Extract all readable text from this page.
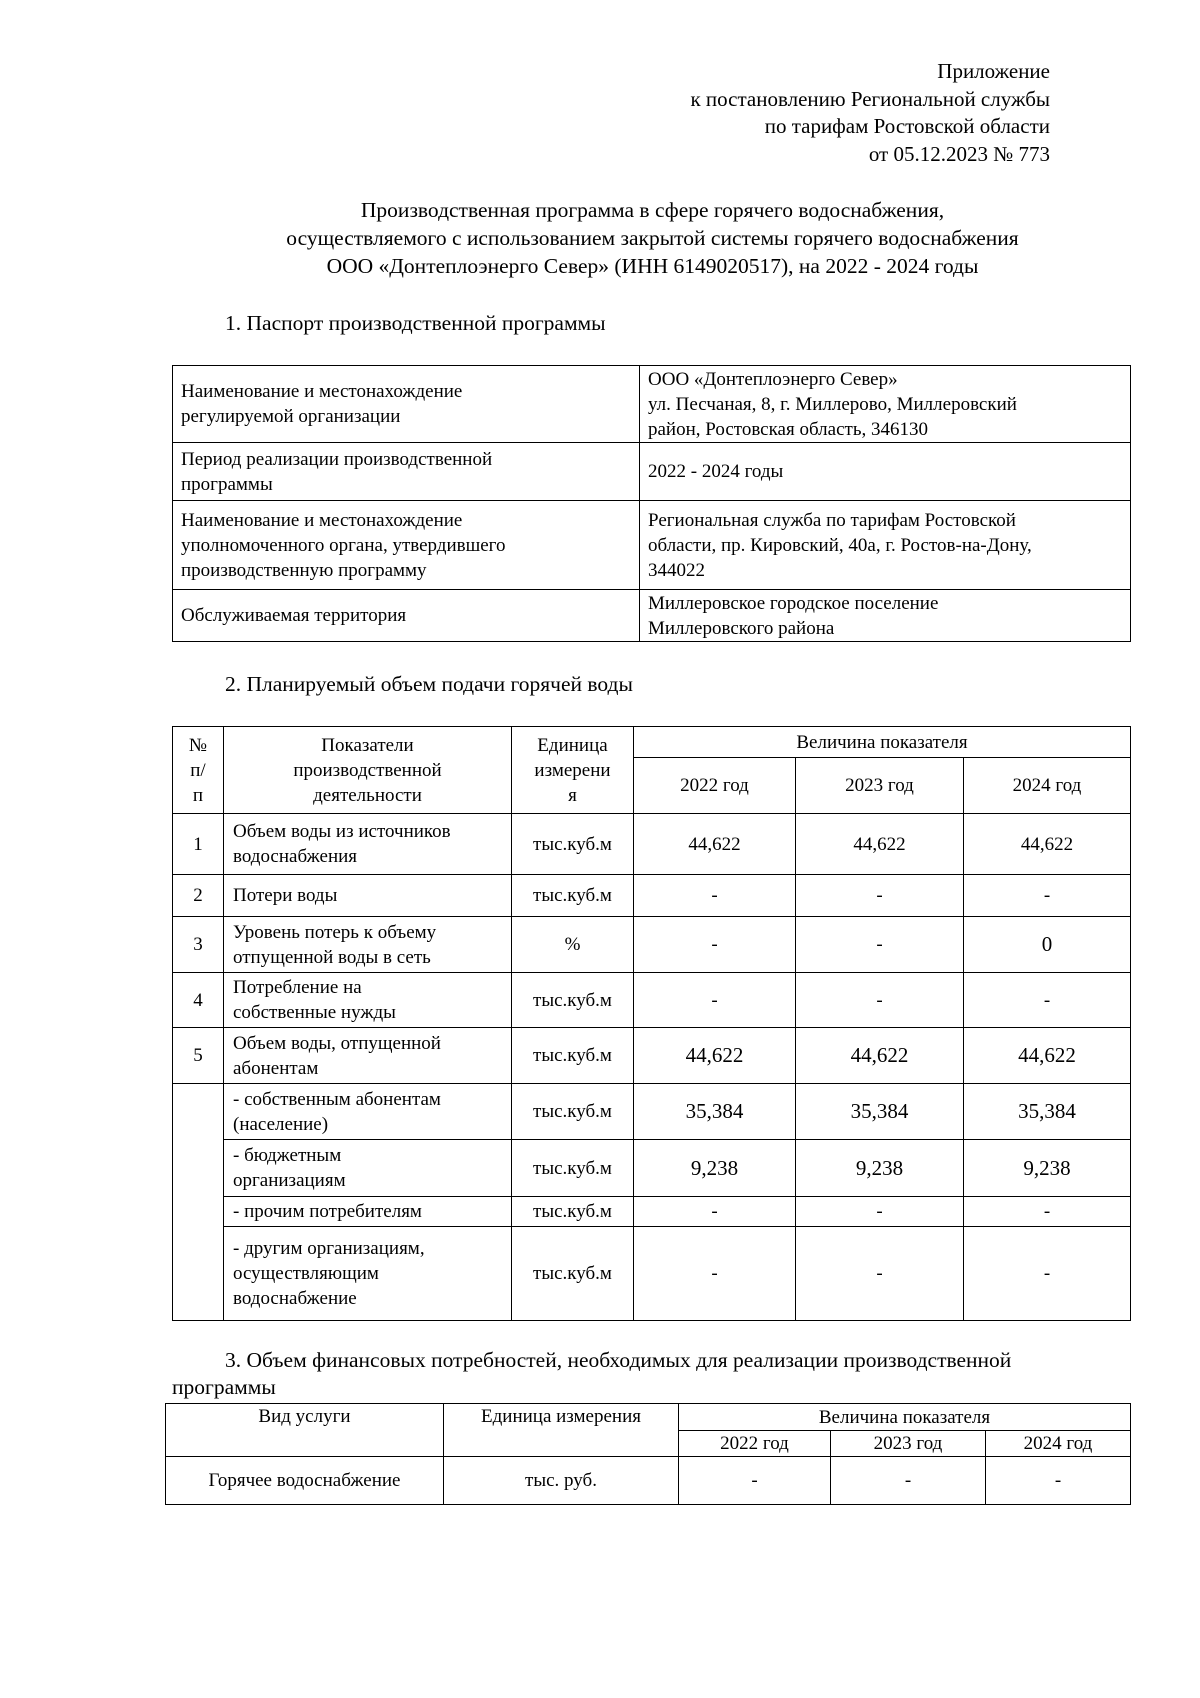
Приложение
к постановлению Региональной службы
по тарифам Ростовской области
от 05.12.2023 № 773
Производственная программа в сфере горячего водоснабжения,
осуществляемого с использованием закрытой системы горячего водоснабжения
ООО «Донтеплоэнерго Север» (ИНН 6149020517), на 2022 - 2024 годы
1. Паспорт производственной программы
Наименование и местонахождение
регулируемой организации	ООО «Донтеплоэнерго Север»
ул. Песчаная, 8, г. Миллерово, Миллеровский
район, Ростовская область, 346130

Период реализации производственной
программы	2022 - 2024 годы

Наименование и местонахождение
уполномоченного органа, утвердившего
производственную программу	Региональная служба по тарифам Ростовской
области, пр. Кировский, 40а, г. Ростов-на-Дону,
344022

Обслуживаемая территория	Миллеровское городское поселение
Миллеровского района
2. Планируемый объем подачи горячей воды
№
п/
п	Показатели
производственной
деятельности	Единица
измерени
я	Величина показателя		
			2022 год	2023 год	2024 год
1	Объем воды из источников
водоснабжения	тыс.куб.м	44,622	44,622	44,622
2	Потери воды	тыс.куб.м	-	-	-
3	Уровень потерь к объему
отпущенной воды в сеть	%	-	-	0
4	Потребление на
собственные нужды	тыс.куб.м	-	-	-
5	Объем воды, отпущенной
абонентам	тыс.куб.м	44,622	44,622	44,622

	- собственным абонентам
(население)	тыс.куб.м	35,384	35,384	35,384

	- бюджетным
организациям	тыс.куб.м	9,238	9,238	9,238

	- прочим потребителям	тыс.куб.м	-	-	-

	- другим организациям,
осуществляющим
водоснабжение	тыс.куб.м	-	-	-
3. Объем финансовых потребностей, необходимых для реализации производственной
программы
Вид услуги	Единица измерения	Величина показателя		
		2022 год	2023 год	2024 год
Горячее водоснабжение	тыс. руб.	-	-	-
